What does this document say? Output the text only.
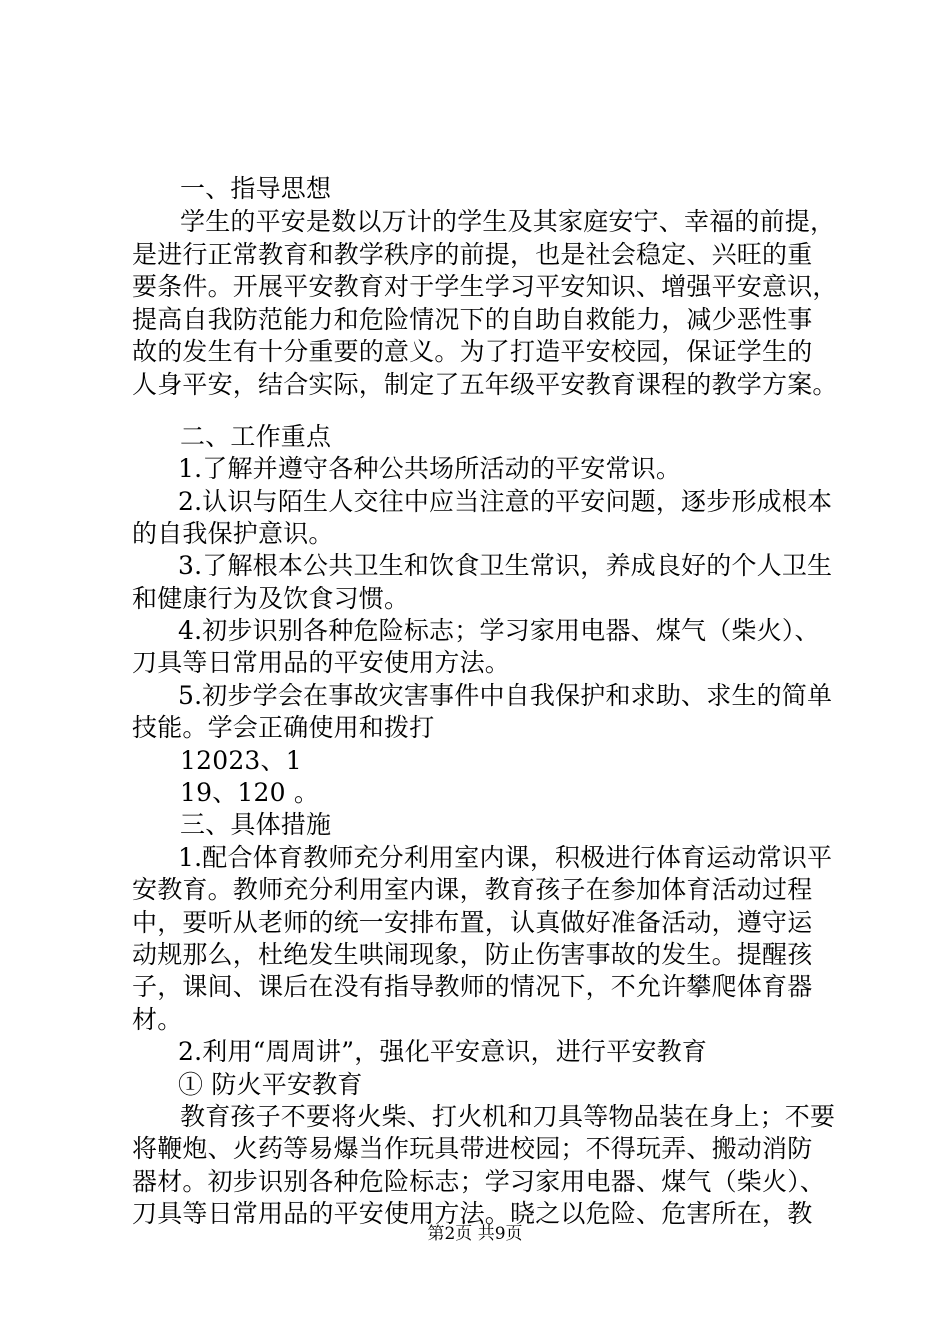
一、指导思想
学生的平安是数以万计的学生及其家庭安宁、幸福的前提，
是进行正常教育和教学秩序的前提，也是社会稳定、兴旺的重
要条件。开展平安教育对于学生学习平安知识、增强平安意识，
提高自我防范能力和危险情况下的自助自救能力，减少恶性事
故的发生有十分重要的意义。为了打造平安校园，保证学生的
人身平安，结合实际，制定了五年级平安教育课程的教学方案。
二、工作重点
1.了解并遵守各种公共场所活动的平安常识。
2.认识与陌生人交往中应当注意的平安问题，逐步形成根本
的自我保护意识。
3.了解根本公共卫生和饮食卫生常识，养成良好的个人卫生
和健康行为及饮食习惯。
4.初步识别各种危险标志；学习家用电器、煤气（柴火）、
刀具等日常用品的平安使用方法。
5.初步学会在事故灾害事件中自我保护和求助、求生的简单
技能。学会正确使用和拨打
12023、1
19、120 。
三、具体措施
1.配合体育教师充分利用室内课，积极进行体育运动常识平
安教育。教师充分利用室内课，教育孩子在参加体育活动过程
中，要听从老师的统一安排布置，认真做好准备活动，遵守运
动规那么，杜绝发生哄闹现象，防止伤害事故的发生。提醒孩
子，课间、课后在没有指导教师的情况下，不允许攀爬体育器
材。
2.利用“周周讲”，强化平安意识，进行平安教育
① 防火平安教育
教育孩子不要将火柴、打火机和刀具等物品装在身上；不要
将鞭炮、火药等易爆当作玩具带进校园；不得玩弄、搬动消防
器材。初步识别各种危险标志；学习家用电器、煤气（柴火）、
刀具等日常用品的平安使用方法。晓之以危险、危害所在，教
第2页 共9页
